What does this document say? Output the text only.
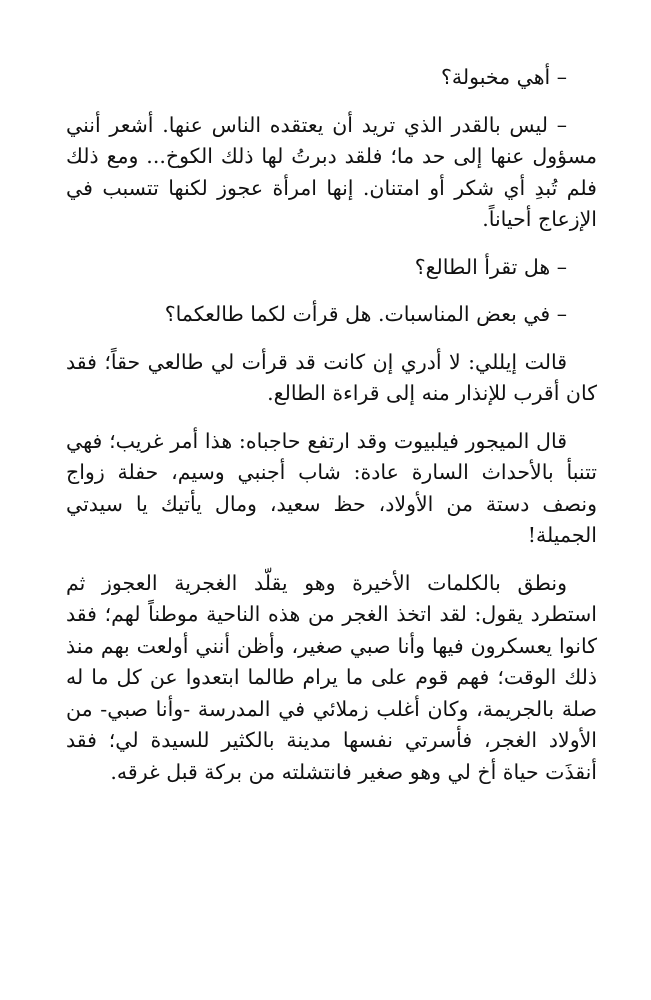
– أهي مخبولة؟

– ليس بالقدر الذي تريد أن يعتقده الناس عنها. أشعر أنني مسؤول عنها إلى حد ما؛ فلقد دبرتُ لها ذلك الكوخ... ومع ذلك فلم تُبدِ أي شكر أو امتنان. إنها امرأة عجوز لكنها تتسبب في الإزعاج أحياناً.

– هل تقرأ الطالع؟

– في بعض المناسبات. هل قرأت لكما طالعكما؟

قالت إيللي: لا أدري إن كانت قد قرأت لي طالعي حقاً؛ فقد كان أقرب للإنذار منه إلى قراءة الطالع.

قال الميجور فيلبيوت وقد ارتفع حاجباه: هذا أمر غريب؛ فهي تتنبأ بالأحداث السارة عادة: شاب أجنبي وسيم، حفلة زواج ونصف دستة من الأولاد، حظ سعيد، ومال يأتيك يا سيدتي الجميلة!

ونطق بالكلمات الأخيرة وهو يقلّد الغجرية العجوز ثم استطرد يقول: لقد اتخذ الغجر من هذه الناحية موطناً لهم؛ فقد كانوا يعسكرون فيها وأنا صبي صغير، وأظن أنني أولعت بهم منذ ذلك الوقت؛ فهم قوم على ما يرام طالما ابتعدوا عن كل ما له صلة بالجريمة، وكان أغلب زملائي في المدرسة -وأنا صبي- من الأولاد الغجر، فأسرتي نفسها مدينة بالكثير للسيدة لي؛ فقد أنقذَت حياة أخ لي وهو صغير فانتشلته من بركة قبل غرقه.
